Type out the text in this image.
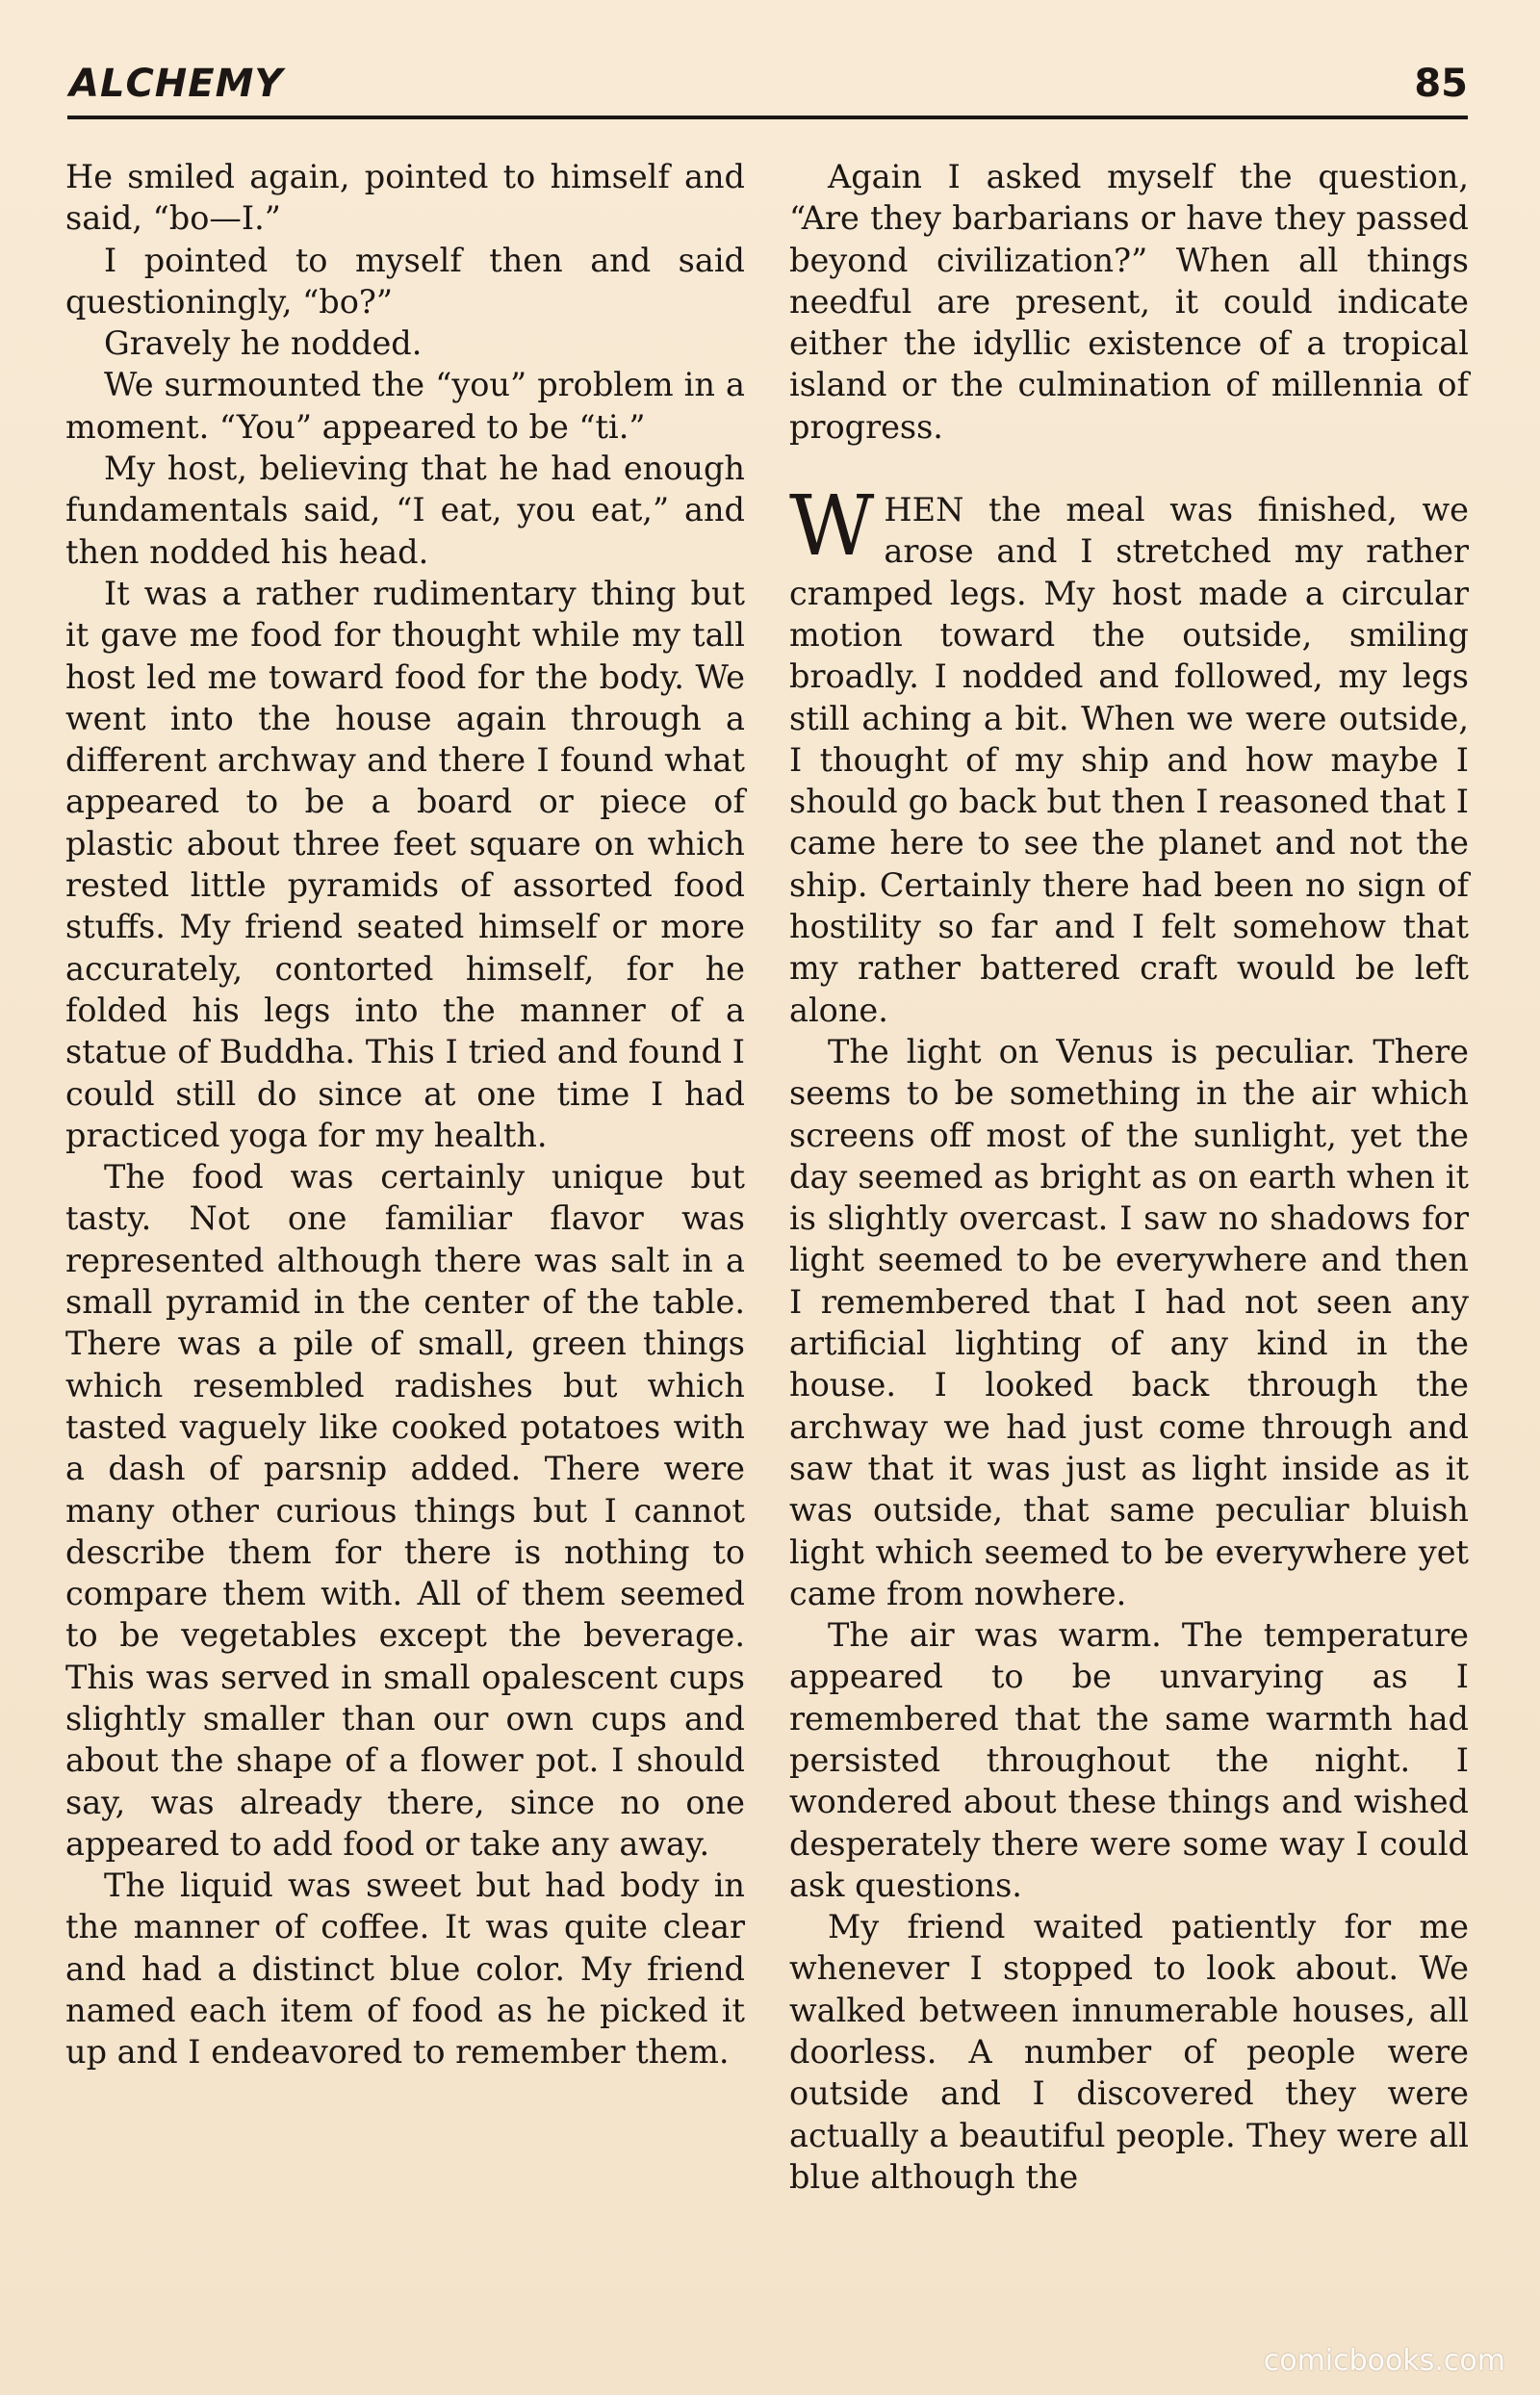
ALCHEMY	85

He smiled again, pointed to himself and said, “bo—I.”

I pointed to myself then and said questioningly, “bo?”

Gravely he nodded.

We surmounted the “you” problem in a moment. “You” appeared to be “ti.”

My host, believing that he had enough fundamentals said, “I eat, you eat,” and then nodded his head.

It was a rather rudimentary thing but it gave me food for thought while my tall host led me toward food for the body. We went into the house again through a different archway and there I found what appeared to be a board or piece of plastic about three feet square on which rested little pyramids of assorted food stuffs. My friend seated himself or more accurately, contorted himself, for he folded his legs into the manner of a statue of Buddha. This I tried and found I could still do since at one time I had practiced yoga for my health.

The food was certainly unique but tasty. Not one familiar flavor was represented although there was salt in a small pyramid in the center of the table. There was a pile of small, green things which resembled radishes but which tasted vaguely like cooked potatoes with a dash of parsnip added. There were many other curious things but I cannot describe them for there is nothing to compare them with. All of them seemed to be vegetables except the beverage. This was served in small opalescent cups slightly smaller than our own cups and about the shape of a flower pot. I should say, was already there, since no one appeared to add food or take any away.

The liquid was sweet but had body in the manner of coffee. It was quite clear and had a distinct blue color. My friend named each item of food as he picked it up and I endeavored to remember them.

Again I asked myself the question, “Are they barbarians or have they passed beyond civilization?” When all things needful are present, it could indicate either the idyllic existence of a tropical island or the culmination of millennia of progress.

WHEN the meal was finished, we arose and I stretched my rather cramped legs. My host made a circular motion toward the outside, smiling broadly. I nodded and followed, my legs still aching a bit. When we were outside, I thought of my ship and how maybe I should go back but then I reasoned that I came here to see the planet and not the ship. Certainly there had been no sign of hostility so far and I felt somehow that my rather battered craft would be left alone.

The light on Venus is peculiar. There seems to be something in the air which screens off most of the sunlight, yet the day seemed as bright as on earth when it is slightly overcast. I saw no shadows for light seemed to be everywhere and then I remembered that I had not seen any artificial lighting of any kind in the house. I looked back through the archway we had just come through and saw that it was just as light inside as it was outside, that same peculiar bluish light which seemed to be everywhere yet came from nowhere.

The air was warm. The temperature appeared to be unvarying as I remembered that the same warmth had persisted throughout the night. I wondered about these things and wished desperately there were some way I could ask questions.

My friend waited patiently for me whenever I stopped to look about. We walked between innumerable houses, all doorless. A number of people were outside and I discovered they were actually a beautiful people. They were all blue although the

comicbooks.com
